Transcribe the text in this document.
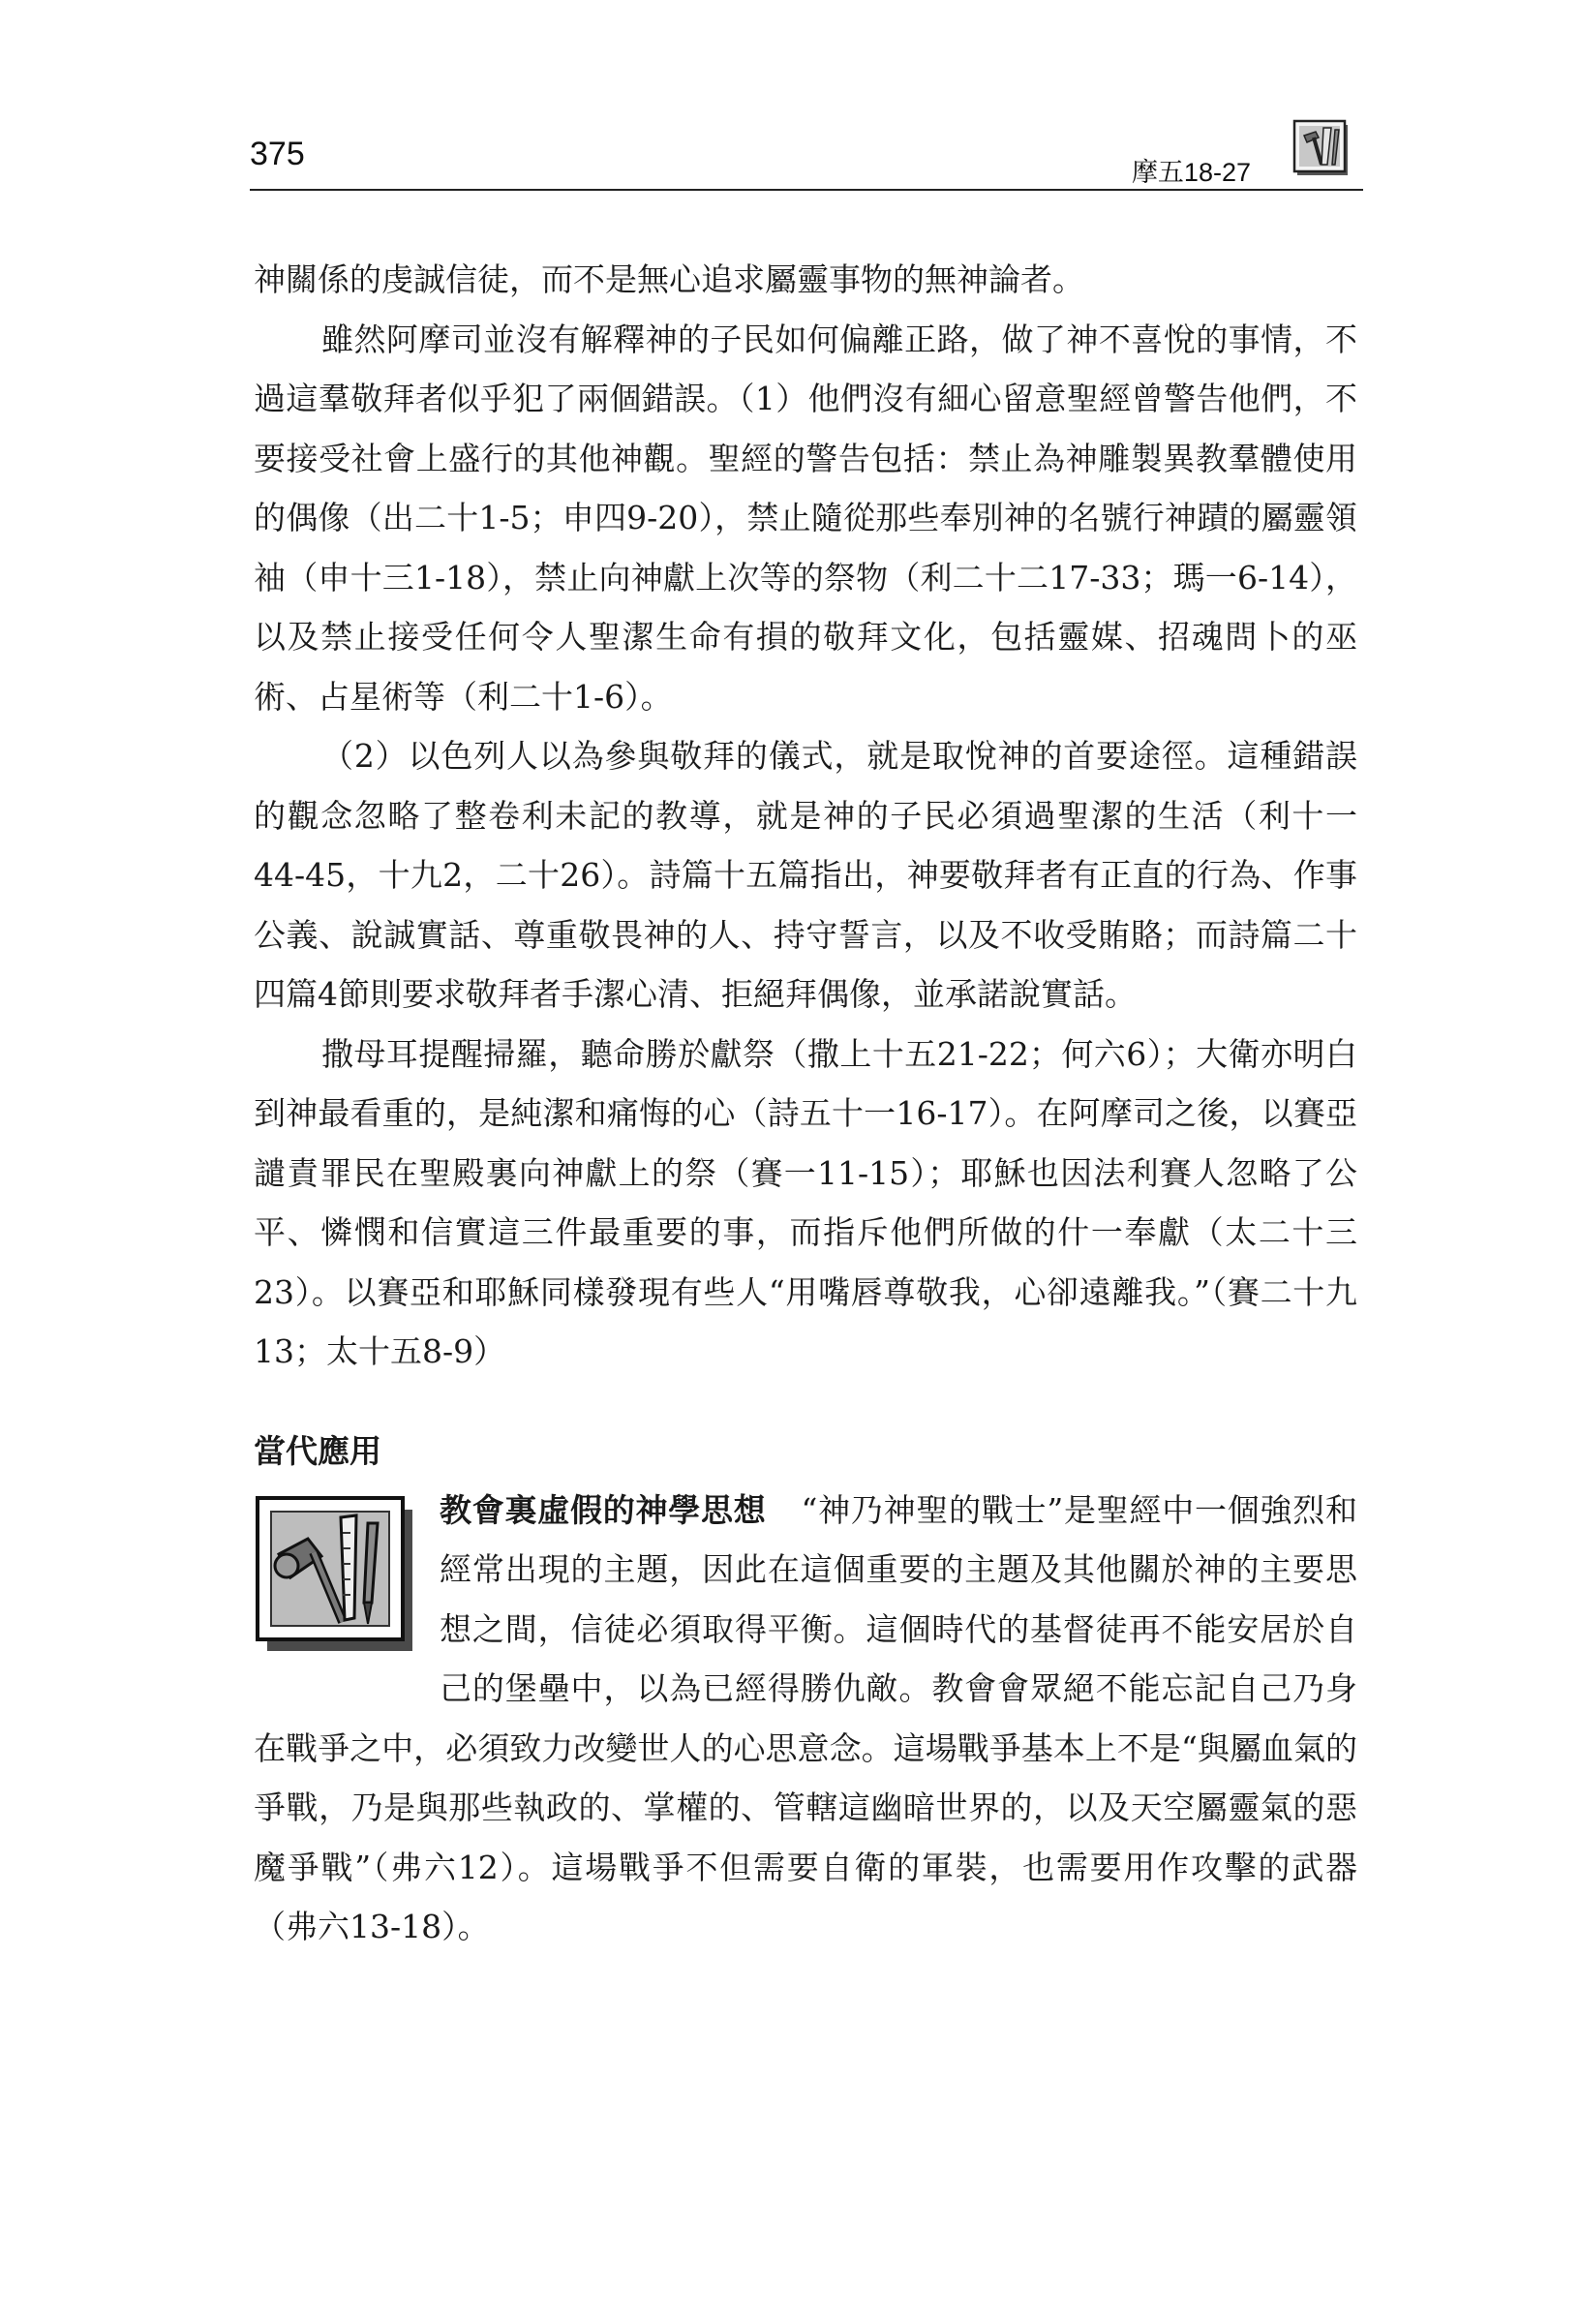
375	摩五18-27

神關係的虔誠信徒，而不是無心追求屬靈事物的無神論者。

雖然阿摩司並沒有解釋神的子民如何偏離正路，做了神不喜悅的事情，不過這羣敬拜者似乎犯了兩個錯誤。（1）他們沒有細心留意聖經曾警告他們，不要接受社會上盛行的其他神觀。聖經的警告包括：禁止為神雕製異教羣體使用的偶像（出二十1-5；申四9-20），禁止隨從那些奉別神的名號行神蹟的屬靈領袖（申十三1-18），禁止向神獻上次等的祭物（利二十二17-33；瑪一6-14），以及禁止接受任何令人聖潔生命有損的敬拜文化，包括靈媒、招魂問卜的巫術、占星術等（利二十1-6）。

（2）以色列人以為參與敬拜的儀式，就是取悅神的首要途徑。這種錯誤的觀念忽略了整卷利未記的教導，就是神的子民必須過聖潔的生活（利十一44-45，十九2，二十26）。詩篇十五篇指出，神要敬拜者有正直的行為、作事公義、說誠實話、尊重敬畏神的人、持守誓言，以及不收受賄賂；而詩篇二十四篇4節則要求敬拜者手潔心清、拒絕拜偶像，並承諾說實話。

撒母耳提醒掃羅，聽命勝於獻祭（撒上十五21-22；何六6）；大衛亦明白到神最看重的，是純潔和痛悔的心（詩五十一16-17）。在阿摩司之後，以賽亞譴責罪民在聖殿裏向神獻上的祭（賽一11-15）；耶穌也因法利賽人忽略了公平、憐憫和信實這三件最重要的事，而指斥他們所做的什一奉獻（太二十三23）。以賽亞和耶穌同樣發現有些人“用嘴唇尊敬我，心卻遠離我。”（賽二十九13；太十五8-9）

當代應用

教會裏虛假的神學思想 “神乃神聖的戰士”是聖經中一個強烈和經常出現的主題，因此在這個重要的主題及其他關於神的主要思想之間，信徒必須取得平衡。這個時代的基督徒再不能安居於自己的堡壘中，以為已經得勝仇敵。教會會眾絕不能忘記自己乃身在戰爭之中，必須致力改變世人的心思意念。這場戰爭基本上不是“與屬血氣的爭戰，乃是與那些執政的、掌權的、管轄這幽暗世界的，以及天空屬靈氣的惡魔爭戰”（弗六12）。這場戰爭不但需要自衛的軍裝，也需要用作攻擊的武器（弗六13-18）。
